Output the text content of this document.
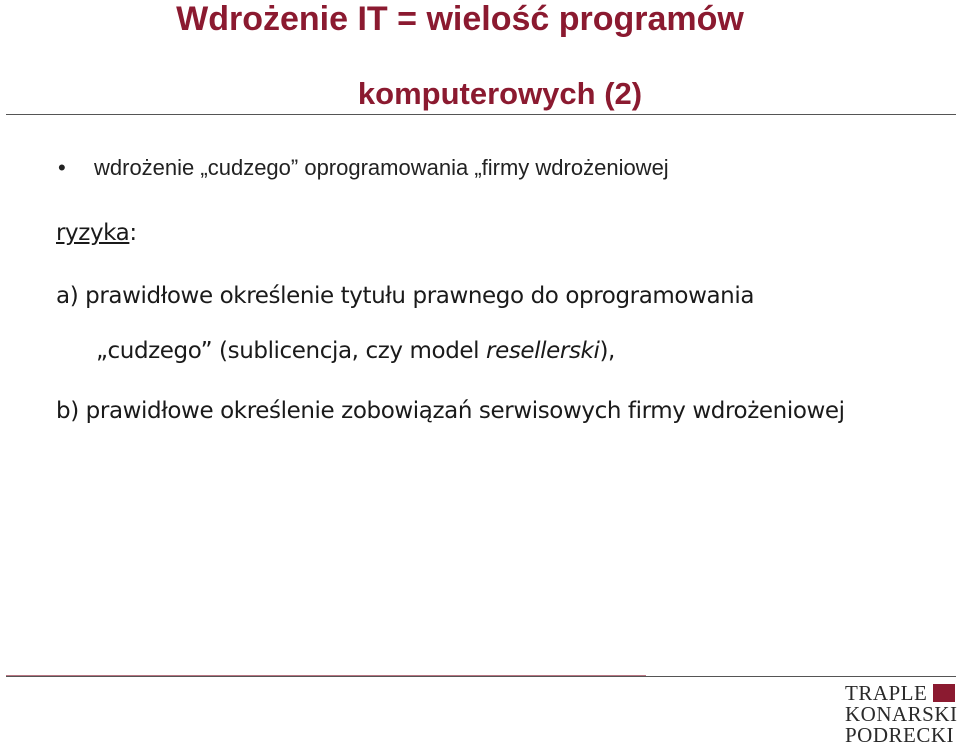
Wdrożenie IT = wielość programów
komputerowych (2)
• wdrożenie „cudzego” oprogramowania „firmy wdrożeniowej
ryzyka:
a) prawidłowe określenie tytułu prawnego do oprogramowania
„cudzego” (sublicencja, czy model resellerski),
b) prawidłowe określenie zobowiązań serwisowych firmy wdrożeniowej
TRAPLE
KONARSKI
PODRECKI
